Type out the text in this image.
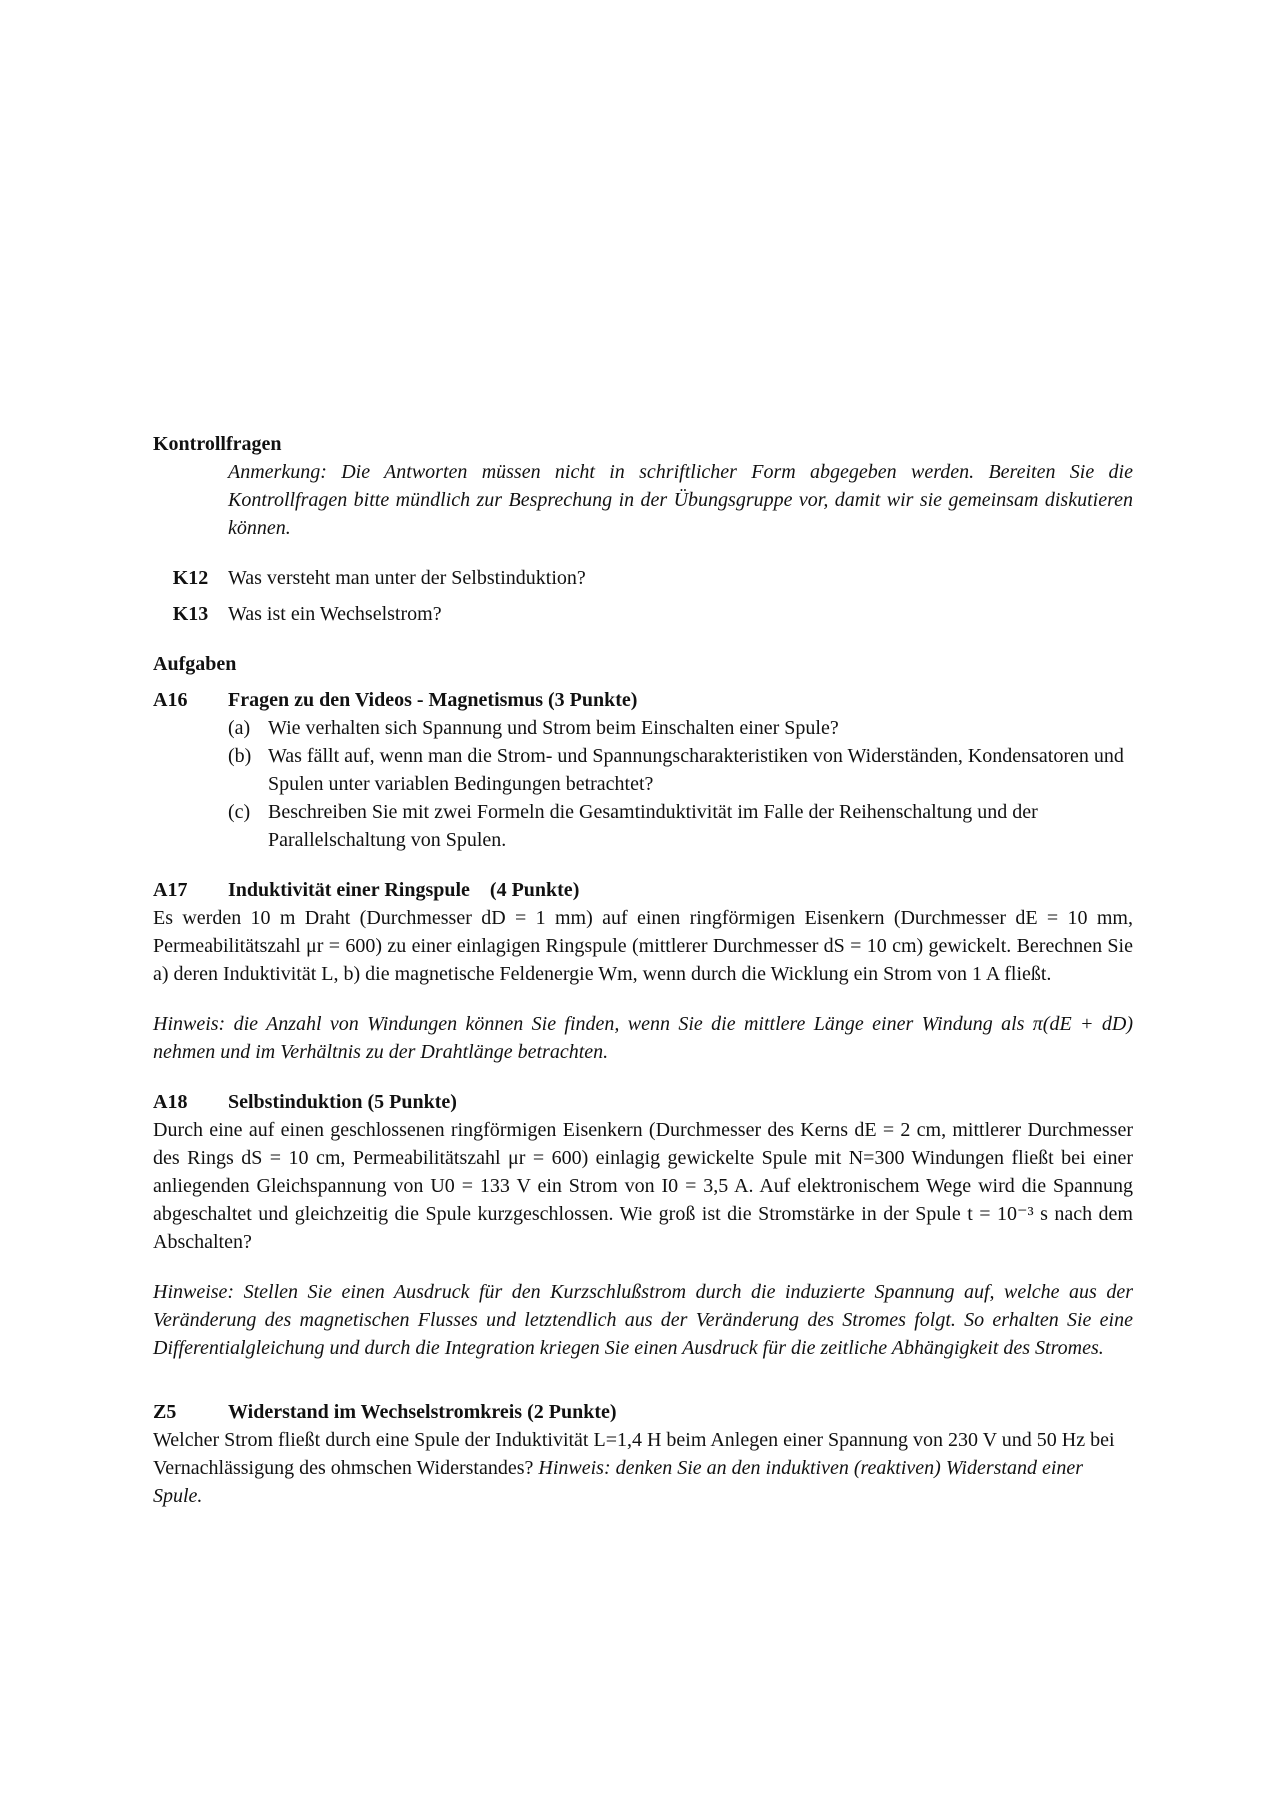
Kontrollfragen
Anmerkung: Die Antworten müssen nicht in schriftlicher Form abgegeben werden. Bereiten Sie die Kontrollfragen bitte mündlich zur Besprechung in der Übungsgruppe vor, damit wir sie gemeinsam diskutieren können.
K12 Was versteht man unter der Selbstinduktion?
K13 Was ist ein Wechselstrom?
Aufgaben
A16	Fragen zu den Videos - Magnetismus (3 Punkte)
(a) Wie verhalten sich Spannung und Strom beim Einschalten einer Spule?
(b) Was fällt auf, wenn man die Strom- und Spannungscharakteristiken von Widerständen, Kondensatoren und Spulen unter variablen Bedingungen betrachtet?
(c) Beschreiben Sie mit zwei Formeln die Gesamtinduktivität im Falle der Reihenschaltung und der Parallelschaltung von Spulen.
A17	Induktivität einer Ringspule    (4 Punkte)
Es werden 10 m Draht (Durchmesser dD = 1 mm) auf einen ringförmigen Eisenkern (Durchmesser dE = 10 mm, Permeabilitätszahl μr = 600) zu einer einlagigen Ringspule (mittlerer Durchmesser dS = 10 cm) gewickelt. Berechnen Sie a) deren Induktivität L, b) die magnetische Feldenergie Wm, wenn durch die Wicklung ein Strom von 1 A fließt.
Hinweis: die Anzahl von Windungen können Sie finden, wenn Sie die mittlere Länge einer Windung als π(dE + dD) nehmen und im Verhältnis zu der Drahtlänge betrachten.
A18	Selbstinduktion (5 Punkte)
Durch eine auf einen geschlossenen ringförmigen Eisenkern (Durchmesser des Kerns dE = 2 cm, mittlerer Durchmesser des Rings dS = 10 cm, Permeabilitätszahl μr = 600) einlagig gewickelte Spule mit N=300 Windungen fließt bei einer anliegenden Gleichspannung von U0 = 133 V ein Strom von I0 = 3,5 A. Auf elektronischem Wege wird die Spannung abgeschaltet und gleichzeitig die Spule kurzgeschlossen. Wie groß ist die Stromstärke in der Spule t = 10⁻³ s nach dem Abschalten?
Hinweise: Stellen Sie einen Ausdruck für den Kurzschlußstrom durch die induzierte Spannung auf, welche aus der Veränderung des magnetischen Flusses und letztendlich aus der Veränderung des Stromes folgt. So erhalten Sie eine Differentialgleichung und durch die Integration kriegen Sie einen Ausdruck für die zeitliche Abhängigkeit des Stromes.
Z5	Widerstand im Wechselstromkreis (2 Punkte)
Welcher Strom fließt durch eine Spule der Induktivität L=1,4 H beim Anlegen einer Spannung von 230 V und 50 Hz bei Vernachlässigung des ohmschen Widerstandes? Hinweis: denken Sie an den induktiven (reaktiven) Widerstand einer Spule.
